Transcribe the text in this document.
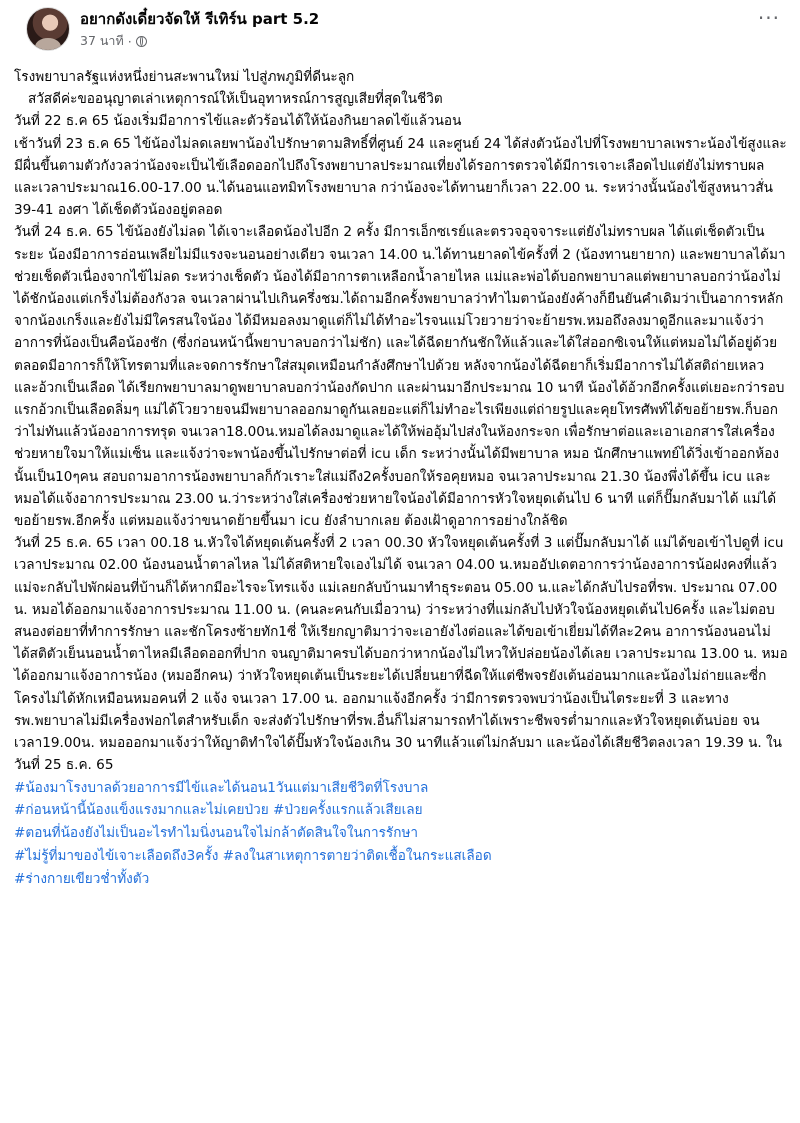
อยากดังเดี๋ยวจัดให้ รีเทิร์น part 5.2
37 นาที ·
···

โรงพยาบาลรัฐแห่งหนึ่งย่านสะพานใหม่ ไปสู่ภพภูมิที่ดีนะลูก

สวัสดีค่ะขออนุญาตเล่าเหตุการณ์ให้เป็นอุทาหรณ์การสูญเสียที่สุดในชีวิต

วันที่ 22 ธ.ค 65 น้องเริ่มมีอาการไข้และตัวร้อนได้ให้น้องกินยาลดไข้แล้วนอน

เช้าวันที่ 23 ธ.ค 65 ไข้น้องไม่ลดเลยพาน้องไปรักษาตามสิทธิ์ที่ศูนย์ 24 และศูนย์ 24 ได้ส่งตัวน้องไปที่โรงพยาบาลเพราะน้องไข้สูงและมีผื่นขึ้นตามตัวกังวลว่าน้องจะเป็นไข้เลือดออกไปถึงโรงพยาบาลประมาณเที่ยงได้รอการตรวจได้มีการเจาะเลือดไปแต่ยังไม่ทราบผล และเวลาประมาณ16.00-17.00 น.ได้นอนแอทมิทโรงพยาบาล กว่าน้องจะได้ทานยาก็เวลา 22.00 น. ระหว่างนั้นน้องไข้สูงหนาวสั่น 39-41 องศา ได้เช็ดตัวน้องอยู่ตลอด

วันที่ 24 ธ.ค. 65 ไข้น้องยังไม่ลด ได้เจาะเลือดน้องไปอีก 2 ครั้ง มีการเอ็กซเรย์และตรวจอุจจาระแต่ยังไม่ทราบผล ได้แต่เช็ดตัวเป็นระยะ น้องมีอาการอ่อนเพลียไม่มีแรงจะนอนอย่างเดียว จนเวลา 14.00 น.ได้ทานยาลดไข้ครั้งที่ 2 (น้องทานยายาก) และพยาบาลได้มาช่วยเช็ดตัวเนื่องจากไข้ไม่ลด ระหว่างเช็ดตัว น้องได้มีอาการตาเหลือกน้ำลายไหล แม่และพ่อได้บอกพยาบาลแต่พยาบาลบอกว่าน้องไม่ได้ชักน้องแต่เกร็งไม่ต้องกังวล จนเวลาผ่านไปเกินครึ่งชม.ได้ถามอีกครั้งพยาบาลว่าทำไมตาน้องยังค้างก็ยืนยันคำเดิมว่าเป็นอาการหลักจากน้องเกร็งและยังไม่มีใครสนใจน้อง ได้มีหมอลงมาดูแต่ก็ไม่ได้ทำอะไรจนแม่โวยวายว่าจะย้ายรพ.หมอถึงลงมาดูอีกและมาแจ้งว่าอาการที่น้องเป็นคือน้องชัก (ซึ่งก่อนหน้านี้พยาบาลบอกว่าไม่ชัก) และได้ฉีดยากันชักให้แล้วและได้ใส่ออกซิเจนให้แต่หมอไม่ได้อยู่ด้วยตลอดมีอาการก็ให้โทรตามที่และจดการรักษาใส่สมุดเหมือนกำลังศึกษาไปด้วย หลังจากน้องได้ฉีดยาก็เริ่มมีอาการไม่ได้สติถ่ายเหลวและอ้วกเป็นเลือด ได้เรียกพยาบาลมาดูพยาบาลบอกว่าน้องกัดปาก และผ่านมาอีกประมาณ 10 นาที น้องได้อ้วกอีกครั้งแต่เยอะกว่ารอบแรกอ้วกเป็นเลือดลิ่มๆ แม่ได้โวยวายจนมีพยาบาลออกมาดูกันเลยอะแต่ก็ไม่ทำอะไรเพียงแต่ถ่ายรูปและคุยโทรศัพท์ได้ขอย้ายรพ.ก็บอกว่าไม่ทันแล้วน้องอาการทรุด จนเวลา18.00น.หมอได้ลงมาดูและได้ให้พ่ออุ้มไปส่งในห้องกระจก เพื่อรักษาต่อและเอาเอกสารใส่เครื่องช่วยหายใจมาให้แม่เซ็น และแจ้งว่าจะพาน้องขึ้นไปรักษาต่อที่ icu เด็ก ระหว่างนั้นได้มีพยาบาล หมอ นักศึกษาแพทย์ได้วิ่งเข้าออกห้องนั้นเป็น10ๆคน สอบถามอาการน้องพยาบาลก็กัวเราะใส่แม่ถึง2ครั้งบอกให้รอคุยหมอ จนเวลาประมาณ 21.30 น้องพึ่งได้ขึ้น icu และหมอได้แจ้งอาการประมาณ 23.00 น.ว่าระหว่างใส่เครื่องช่วยหายใจน้องได้มีอาการหัวใจหยุดเต้นไป 6 นาที แต่ก็ปั๊มกลับมาได้ แม่ได้ขอย้ายรพ.อีกครั้ง แต่หมอแจ้งว่าขนาดย้ายขึ้นมา icu ยังลำบากเลย ต้องเฝ้าดูอาการอย่างใกล้ชิด

วันที่ 25 ธ.ค. 65 เวลา 00.18 น.หัวใจได้หยุดเต้นครั้งที่ 2 เวลา 00.30 หัวใจหยุดเต้นครั้งที่ 3 แต่ปั๊มกลับมาได้ แม่ได้ขอเข้าไปดูที่ icu เวลาประมาณ 02.00 น้องนอนน้ำตาลไหล ไม่ได้สติหายใจเองไม่ได้ จนเวลา 04.00 น.หมออัปเดตอาการว่าน้องอาการน้อฝงคงที่แล้ว แม่จะกลับไปพักผ่อนที่บ้านก็ได้หากมีอะไรจะโทรแจ้ง แม่เลยกลับบ้านมาทำธุระตอน 05.00 น.และได้กลับไปรอที่รพ. ประมาณ 07.00 น. หมอได้ออกมาแจ้งอาการประมาณ 11.00 น. (คนละคนกับเมื่อวาน) ว่าระหว่างที่แม่กลับไปหัวใจน้องหยุดเต้นไป6ครั้ง และไม่ตอบสนองต่อยาที่ทำการรักษา และชักโครงซ้ายทัก1ซี่ ให้เรียกญาติมาว่าจะเอายังไงต่อและได้ขอเข้าเยี่ยมได้ทีละ2คน อาการน้องนอนไม่ได้สติตัวเย็นนอนน้ำตาไหลมีเลือดออกที่ปาก จนญาติมาครบได้บอกว่าหากน้องไม่ไหวให้ปล่อยน้องได้เลย เวลาประมาณ 13.00 น. หมอได้ออกมาแจ้งอาการน้อง (หมออีกคน) ว่าหัวใจหยุดเต้นเป็นระยะได้เปลี่ยนยาที่ฉีดให้แต่ชีพจรยังเต้นอ่อนมากและน้องไม่ถ่ายและซี่กโครงไม่ได้หักเหมือนหมอคนที่ 2 แจ้ง จนเวลา 17.00 น. ออกมาแจ้งอีกครั้ง ว่ามีการตรวจพบว่าน้องเป็นไตระยะที่ 3 และทางรพ.พยาบาลไม่มีเครื่องฟอกไตสำหรับเด็ก จะส่งตัวไปรักษาที่รพ.อื่นก็ไม่สามารถทำได้เพราะชีพจรต่ำมากและหัวใจหยุดเต้นบ่อย จนเวลา19.00น. หมอออกมาแจ้งว่าให้ญาติทำใจได้ปั๊มหัวใจน้องเกิน 30 นาทีแล้วแต่ไม่กลับมา และน้องได้เสียชีวิตลงเวลา 19.39 น. ในวันที่ 25 ธ.ค. 65

#น้องมาโรงบาลด้วยอาการมีไข้และได้นอน1วันแต่มาเสียชีวิตที่โรงบาล
#ก่อนหน้านี้น้องแข็งแรงมากและไม่เคยป่วย #ป่วยครั้งแรกแล้วเสียเลย
#ตอนที่น้องยังไม่เป็นอะไรทำไมนิ่งนอนใจไม่กล้าตัดสินใจในการรักษา
#ไม่รู้ที่มาของไข้เจาะเลือดถึง3ครั้ง #ลงในสาเหตุการตายว่าติดเชื้อในกระแสเลือด
#ร่างกายเขียวช่ำทั้งตัว
